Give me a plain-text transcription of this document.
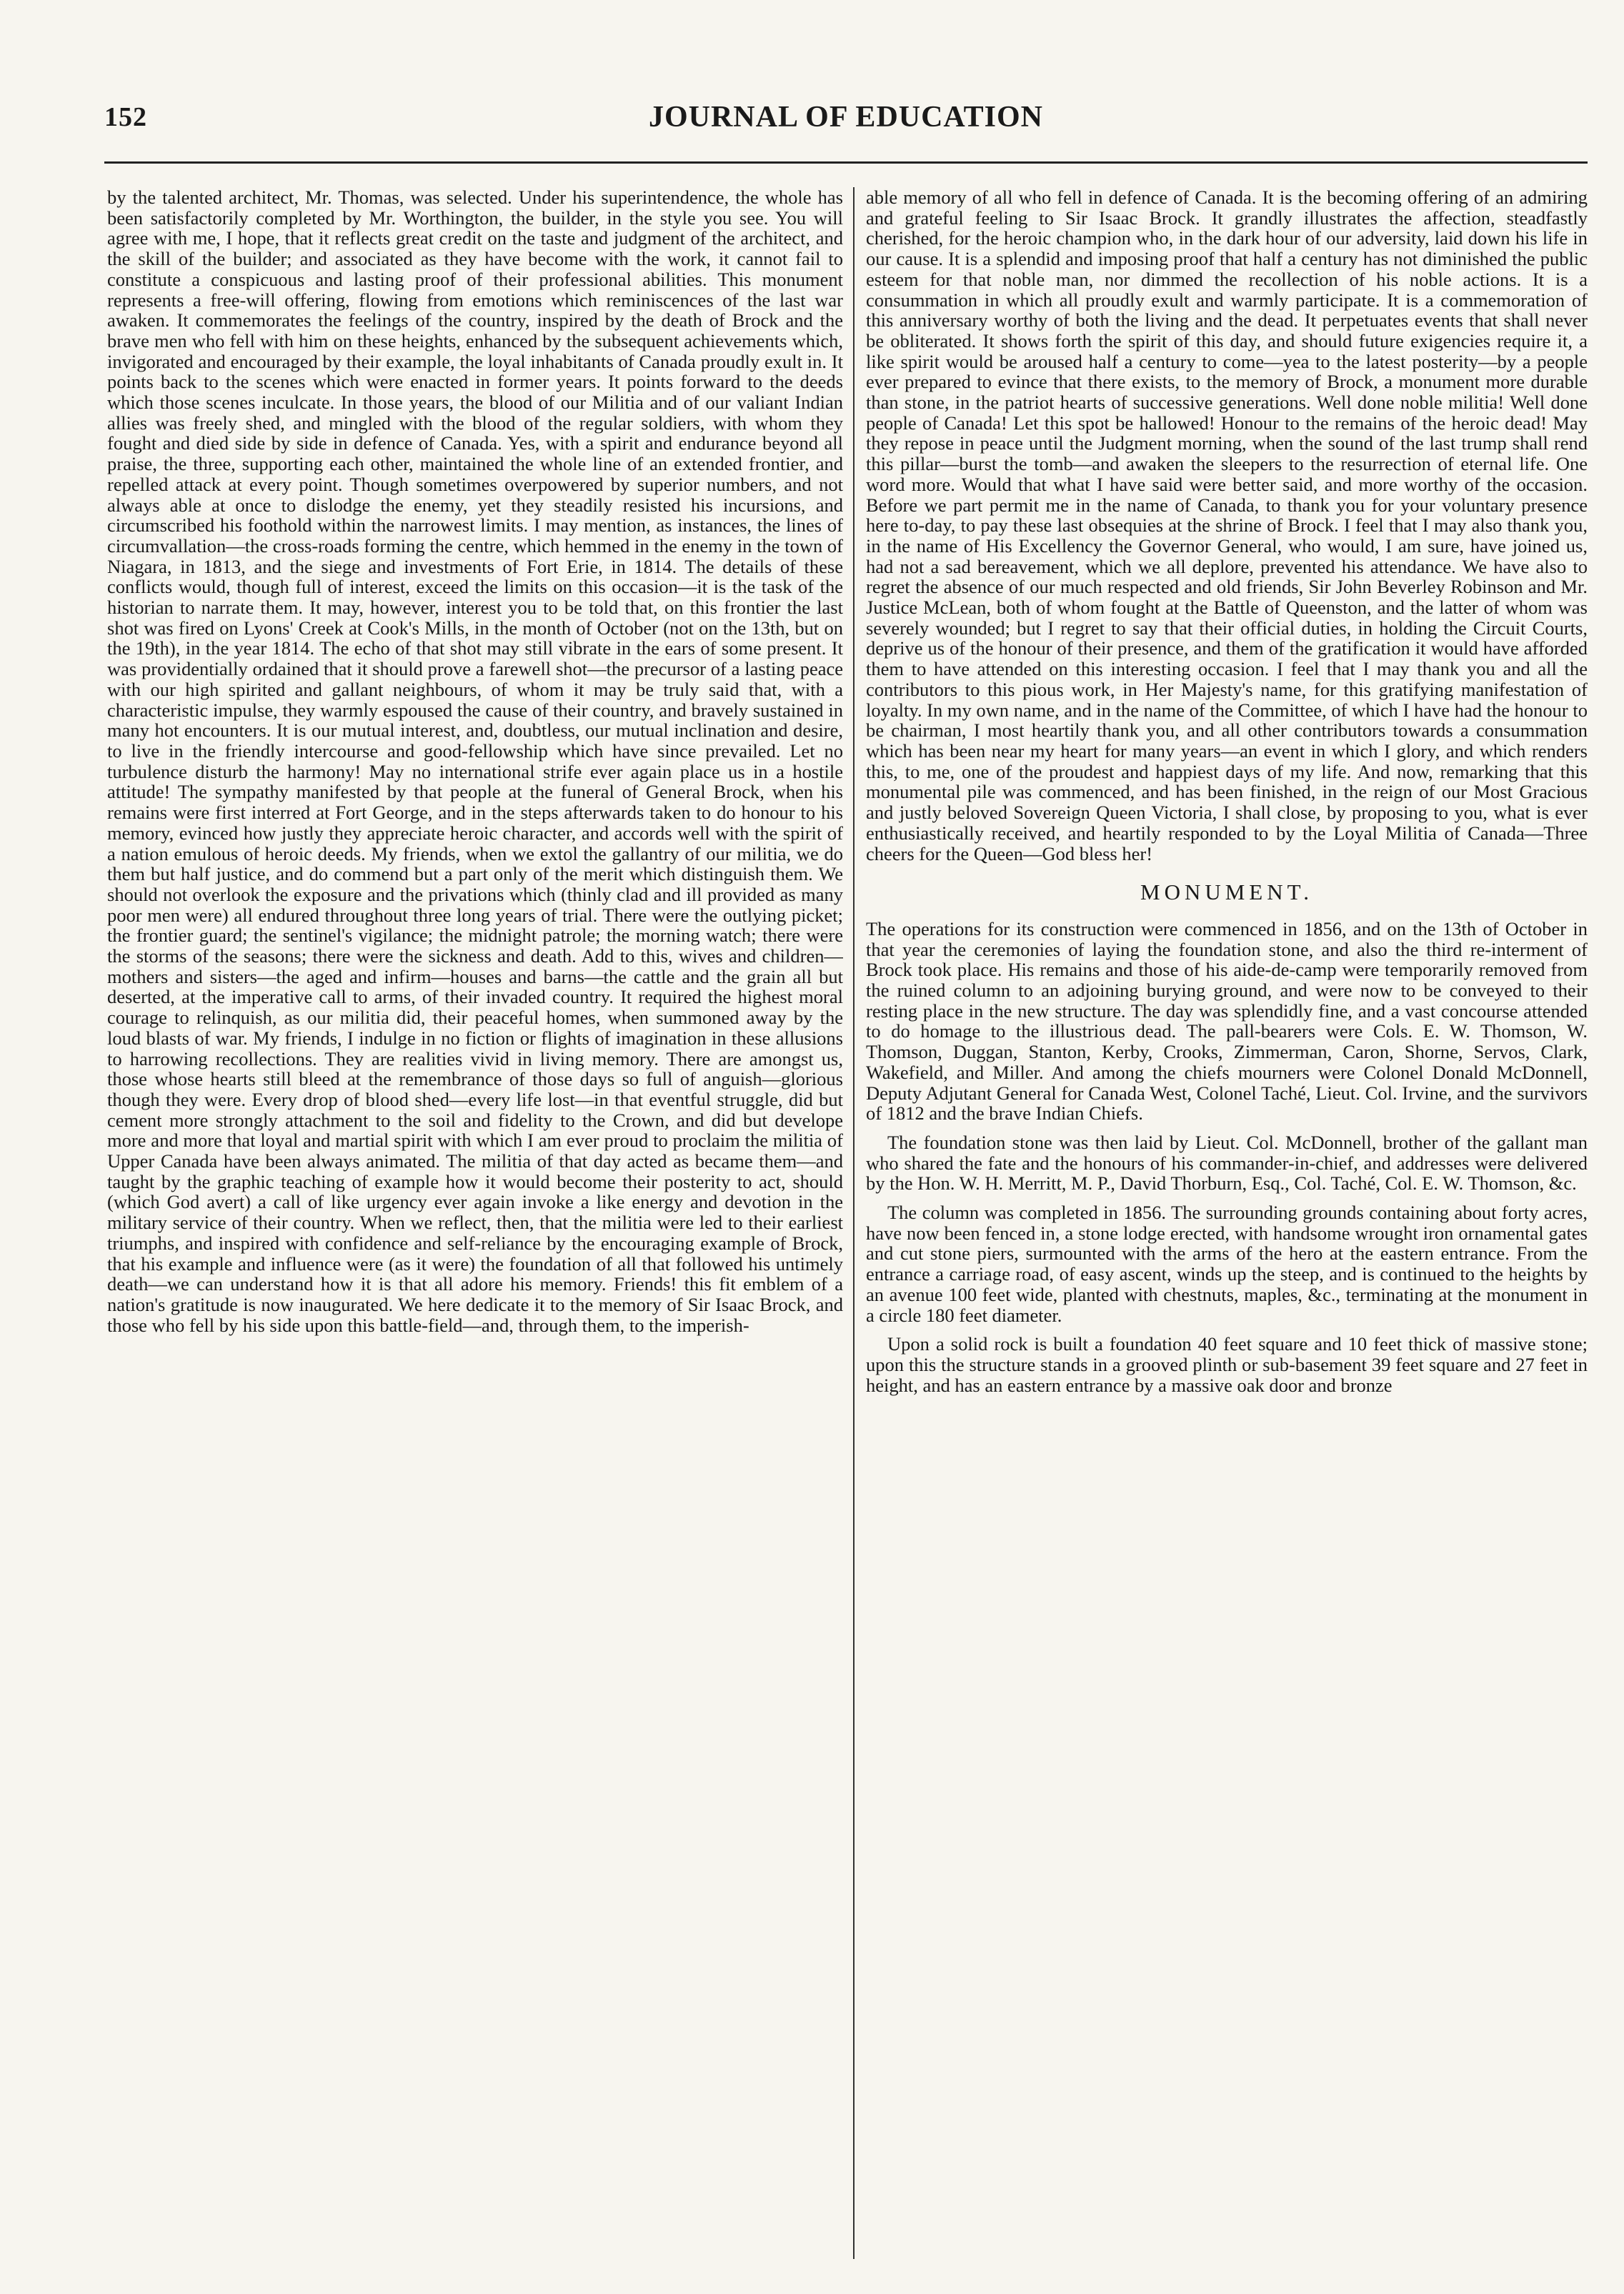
152	JOURNAL OF EDUCATION

by the talented architect, Mr. Thomas, was selected. Under his superintendence, the whole has been satisfactorily completed by Mr. Worthington, the builder, in the style you see. You will agree with me, I hope, that it reflects great credit on the taste and judgment of the architect, and the skill of the builder; and associated as they have become with the work, it cannot fail to constitute a conspicuous and lasting proof of their professional abilities. This monument represents a free-will offering, flowing from emotions which reminiscences of the last war awaken. It commemorates the feelings of the country, inspired by the death of Brock and the brave men who fell with him on these heights, enhanced by the subsequent achievements which, invigorated and encouraged by their example, the loyal inhabitants of Canada proudly exult in. It points back to the scenes which were enacted in former years. It points forward to the deeds which those scenes inculcate. In those years, the blood of our Militia and of our valiant Indian allies was freely shed, and mingled with the blood of the regular soldiers, with whom they fought and died side by side in defence of Canada. Yes, with a spirit and endurance beyond all praise, the three, supporting each other, maintained the whole line of an extended frontier, and repelled attack at every point. Though sometimes overpowered by superior numbers, and not always able at once to dislodge the enemy, yet they steadily resisted his incursions, and circumscribed his foothold within the narrowest limits. I may mention, as instances, the lines of circumvallation—the cross-roads forming the centre, which hemmed in the enemy in the town of Niagara, in 1813, and the siege and investments of Fort Erie, in 1814. The details of these conflicts would, though full of interest, exceed the limits on this occasion—it is the task of the historian to narrate them. It may, however, interest you to be told that, on this frontier the last shot was fired on Lyons' Creek at Cook's Mills, in the month of October (not on the 13th, but on the 19th), in the year 1814. The echo of that shot may still vibrate in the ears of some present. It was providentially ordained that it should prove a farewell shot—the precursor of a lasting peace with our high spirited and gallant neighbours, of whom it may be truly said that, with a characteristic impulse, they warmly espoused the cause of their country, and bravely sustained in many hot encounters. It is our mutual interest, and, doubtless, our mutual inclination and desire, to live in the friendly intercourse and good-fellowship which have since prevailed. Let no turbulence disturb the harmony! May no international strife ever again place us in a hostile attitude! The sympathy manifested by that people at the funeral of General Brock, when his remains were first interred at Fort George, and in the steps afterwards taken to do honour to his memory, evinced how justly they appreciate heroic character, and accords well with the spirit of a nation emulous of heroic deeds. My friends, when we extol the gallantry of our militia, we do them but half justice, and do commend but a part only of the merit which distinguish them. We should not overlook the exposure and the privations which (thinly clad and ill provided as many poor men were) all endured throughout three long years of trial. There were the outlying picket; the frontier guard; the sentinel's vigilance; the midnight patrole; the morning watch; there were the storms of the seasons; there were the sickness and death. Add to this, wives and children—mothers and sisters—the aged and infirm—houses and barns—the cattle and the grain all but deserted, at the imperative call to arms, of their invaded country. It required the highest moral courage to relinquish, as our militia did, their peaceful homes, when summoned away by the loud blasts of war. My friends, I indulge in no fiction or flights of imagination in these allusions to harrowing recollections. They are realities vivid in living memory. There are amongst us, those whose hearts still bleed at the remembrance of those days so full of anguish—glorious though they were. Every drop of blood shed—every life lost—in that eventful struggle, did but cement more strongly attachment to the soil and fidelity to the Crown, and did but develope more and more that loyal and martial spirit with which I am ever proud to proclaim the militia of Upper Canada have been always animated. The militia of that day acted as became them—and taught by the graphic teaching of example how it would become their posterity to act, should (which God avert) a call of like urgency ever again invoke a like energy and devotion in the military service of their country. When we reflect, then, that the militia were led to their earliest triumphs, and inspired with confidence and self-reliance by the encouraging example of Brock, that his example and influence were (as it were) the foundation of all that followed his untimely death—we can understand how it is that all adore his memory. Friends! this fit emblem of a nation's gratitude is now inaugurated. We here dedicate it to the memory of Sir Isaac Brock, and those who fell by his side upon this battle-field—and, through them, to the imperish-

able memory of all who fell in defence of Canada. It is the becoming offering of an admiring and grateful feeling to Sir Isaac Brock. It grandly illustrates the affection, steadfastly cherished, for the heroic champion who, in the dark hour of our adversity, laid down his life in our cause. It is a splendid and imposing proof that half a century has not diminished the public esteem for that noble man, nor dimmed the recollection of his noble actions. It is a consummation in which all proudly exult and warmly participate. It is a commemoration of this anniversary worthy of both the living and the dead. It perpetuates events that shall never be obliterated. It shows forth the spirit of this day, and should future exigencies require it, a like spirit would be aroused half a century to come—yea to the latest posterity—by a people ever prepared to evince that there exists, to the memory of Brock, a monument more durable than stone, in the patriot hearts of successive generations. Well done noble militia! Well done people of Canada! Let this spot be hallowed! Honour to the remains of the heroic dead! May they repose in peace until the Judgment morning, when the sound of the last trump shall rend this pillar—burst the tomb—and awaken the sleepers to the resurrection of eternal life. One word more. Would that what I have said were better said, and more worthy of the occasion. Before we part permit me in the name of Canada, to thank you for your voluntary presence here to-day, to pay these last obsequies at the shrine of Brock. I feel that I may also thank you, in the name of His Excellency the Governor General, who would, I am sure, have joined us, had not a sad bereavement, which we all deplore, prevented his attendance. We have also to regret the absence of our much respected and old friends, Sir John Beverley Robinson and Mr. Justice McLean, both of whom fought at the Battle of Queenston, and the latter of whom was severely wounded; but I regret to say that their official duties, in holding the Circuit Courts, deprive us of the honour of their presence, and them of the gratification it would have afforded them to have attended on this interesting occasion. I feel that I may thank you and all the contributors to this pious work, in Her Majesty's name, for this gratifying manifestation of loyalty. In my own name, and in the name of the Committee, of which I have had the honour to be chairman, I most heartily thank you, and all other contributors towards a consummation which has been near my heart for many years—an event in which I glory, and which renders this, to me, one of the proudest and happiest days of my life. And now, remarking that this monumental pile was commenced, and has been finished, in the reign of our Most Gracious and justly beloved Sovereign Queen Victoria, I shall close, by proposing to you, what is ever enthusiastically received, and heartily responded to by the Loyal Militia of Canada—Three cheers for the Queen—God bless her!

MONUMENT.

The operations for its construction were commenced in 1856, and on the 13th of October in that year the ceremonies of laying the foundation stone, and also the third re-interment of Brock took place. His remains and those of his aide-de-camp were temporarily removed from the ruined column to an adjoining burying ground, and were now to be conveyed to their resting place in the new structure. The day was splendidly fine, and a vast concourse attended to do homage to the illustrious dead. The pall-bearers were Cols. E. W. Thomson, W. Thomson, Duggan, Stanton, Kerby, Crooks, Zimmerman, Caron, Shorne, Servos, Clark, Wakefield, and Miller. And among the chiefs mourners were Colonel Donald McDonnell, Deputy Adjutant General for Canada West, Colonel Taché, Lieut. Col. Irvine, and the survivors of 1812 and the brave Indian Chiefs.

The foundation stone was then laid by Lieut. Col. McDonnell, brother of the gallant man who shared the fate and the honours of his commander-in-chief, and addresses were delivered by the Hon. W. H. Merritt, M. P., David Thorburn, Esq., Col. Taché, Col. E. W. Thomson, &c.

The column was completed in 1856. The surrounding grounds containing about forty acres, have now been fenced in, a stone lodge erected, with handsome wrought iron ornamental gates and cut stone piers, surmounted with the arms of the hero at the eastern entrance. From the entrance a carriage road, of easy ascent, winds up the steep, and is continued to the heights by an avenue 100 feet wide, planted with chestnuts, maples, &c., terminating at the monument in a circle 180 feet diameter.

Upon a solid rock is built a foundation 40 feet square and 10 feet thick of massive stone; upon this the structure stands in a grooved plinth or sub-basement 39 feet square and 27 feet in height, and has an eastern entrance by a massive oak door and bronze
